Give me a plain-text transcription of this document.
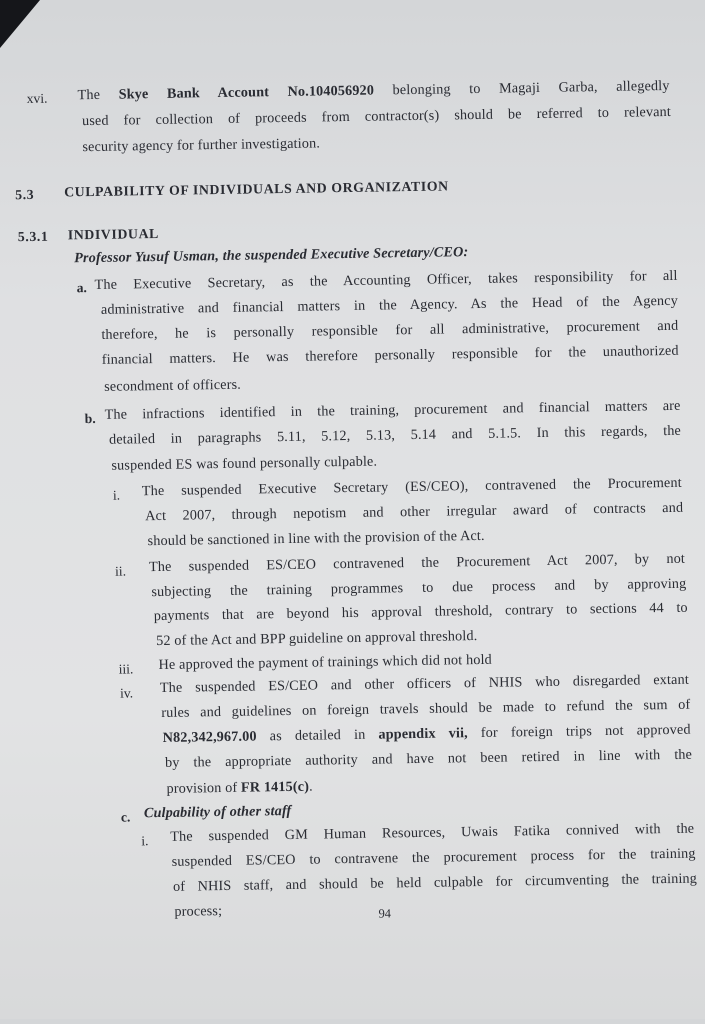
xvi. The Skye Bank Account No.104056920 belonging to Magaji Garba, allegedly
used for collection of proceeds from contractor(s) should be referred to relevant
security agency for further investigation.
5.3 CULPABILITY OF INDIVIDUALS AND ORGANIZATION
5.3.1 INDIVIDUAL
Professor Yusuf Usman, the suspended Executive Secretary/CEO:
a. The Executive Secretary, as the Accounting Officer, takes responsibility for all
administrative and financial matters in the Agency. As the Head of the Agency
therefore, he is personally responsible for all administrative, procurement and
financial matters. He was therefore personally responsible for the unauthorized
secondment of officers.
b. The infractions identified in the training, procurement and financial matters are
detailed in paragraphs 5.11, 5.12, 5.13, 5.14 and 5.1.5. In this regards, the
suspended ES was found personally culpable.
i. The suspended Executive Secretary (ES/CEO), contravened the Procurement
Act 2007, through nepotism and other irregular award of contracts and
should be sanctioned in line with the provision of the Act.
ii. The suspended ES/CEO contravened the Procurement Act 2007, by not
subjecting the training programmes to due process and by approving
payments that are beyond his approval threshold, contrary to sections 44 to
52 of the Act and BPP guideline on approval threshold.
iii. He approved the payment of trainings which did not hold
iv. The suspended ES/CEO and other officers of NHIS who disregarded extant
rules and guidelines on foreign travels should be made to refund the sum of
N82,342,967.00 as detailed in appendix vii, for foreign trips not approved
by the appropriate authority and have not been retired in line with the
provision of FR 1415(c).
c. Culpability of other staff
i. The suspended GM Human Resources, Uwais Fatika connived with the
suspended ES/CEO to contravene the procurement process for the training
of NHIS staff, and should be held culpable for circumventing the training
process;	94
